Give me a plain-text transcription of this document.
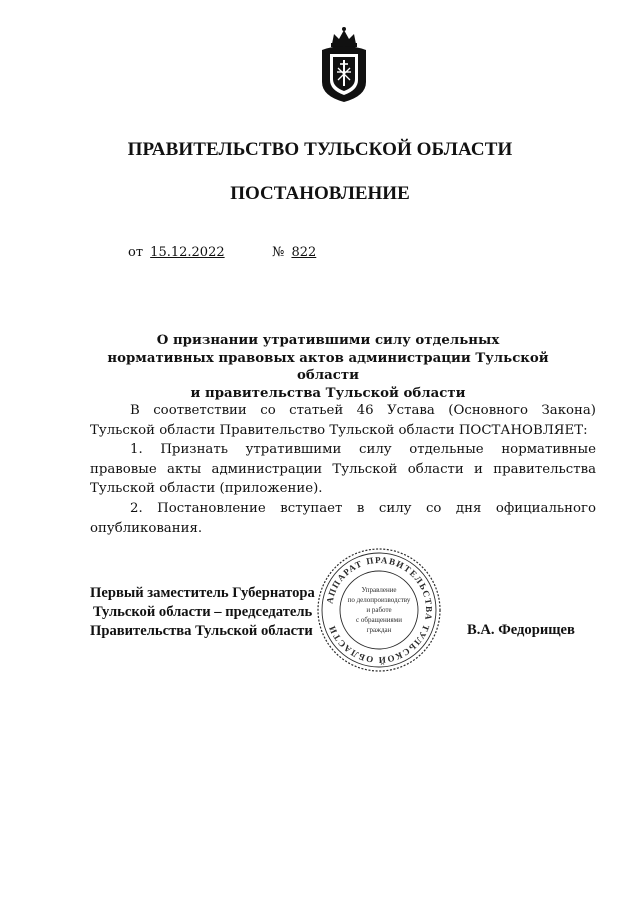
ПРАВИТЕЛЬСТВО ТУЛЬСКОЙ ОБЛАСТИ
ПОСТАНОВЛЕНИЕ
от 15.12.2022	№ 822
О признании утратившими силу отдельных
нормативных правовых актов администрации Тульской области
и правительства Тульской области

В соответствии со статьей 46 Устава (Основного Закона) Тульской области Правительство Тульской области ПОСТАНОВЛЯЕТ:

1. Признать утратившими силу отдельные нормативные правовые акты администрации Тульской области и правительства Тульской области (приложение).

2. Постановление вступает в силу со дня официального опубликования.

Первый заместитель Губернатора
Тульской области – председатель
Правительства Тульской области	В.А. Федорищев
АППАРАТ ПРАВИТЕЛЬСТВА ТУЛЬСКОЙ ОБЛАСТИ
Управление
по делопроизводству
и работе
с обращениями
граждан
